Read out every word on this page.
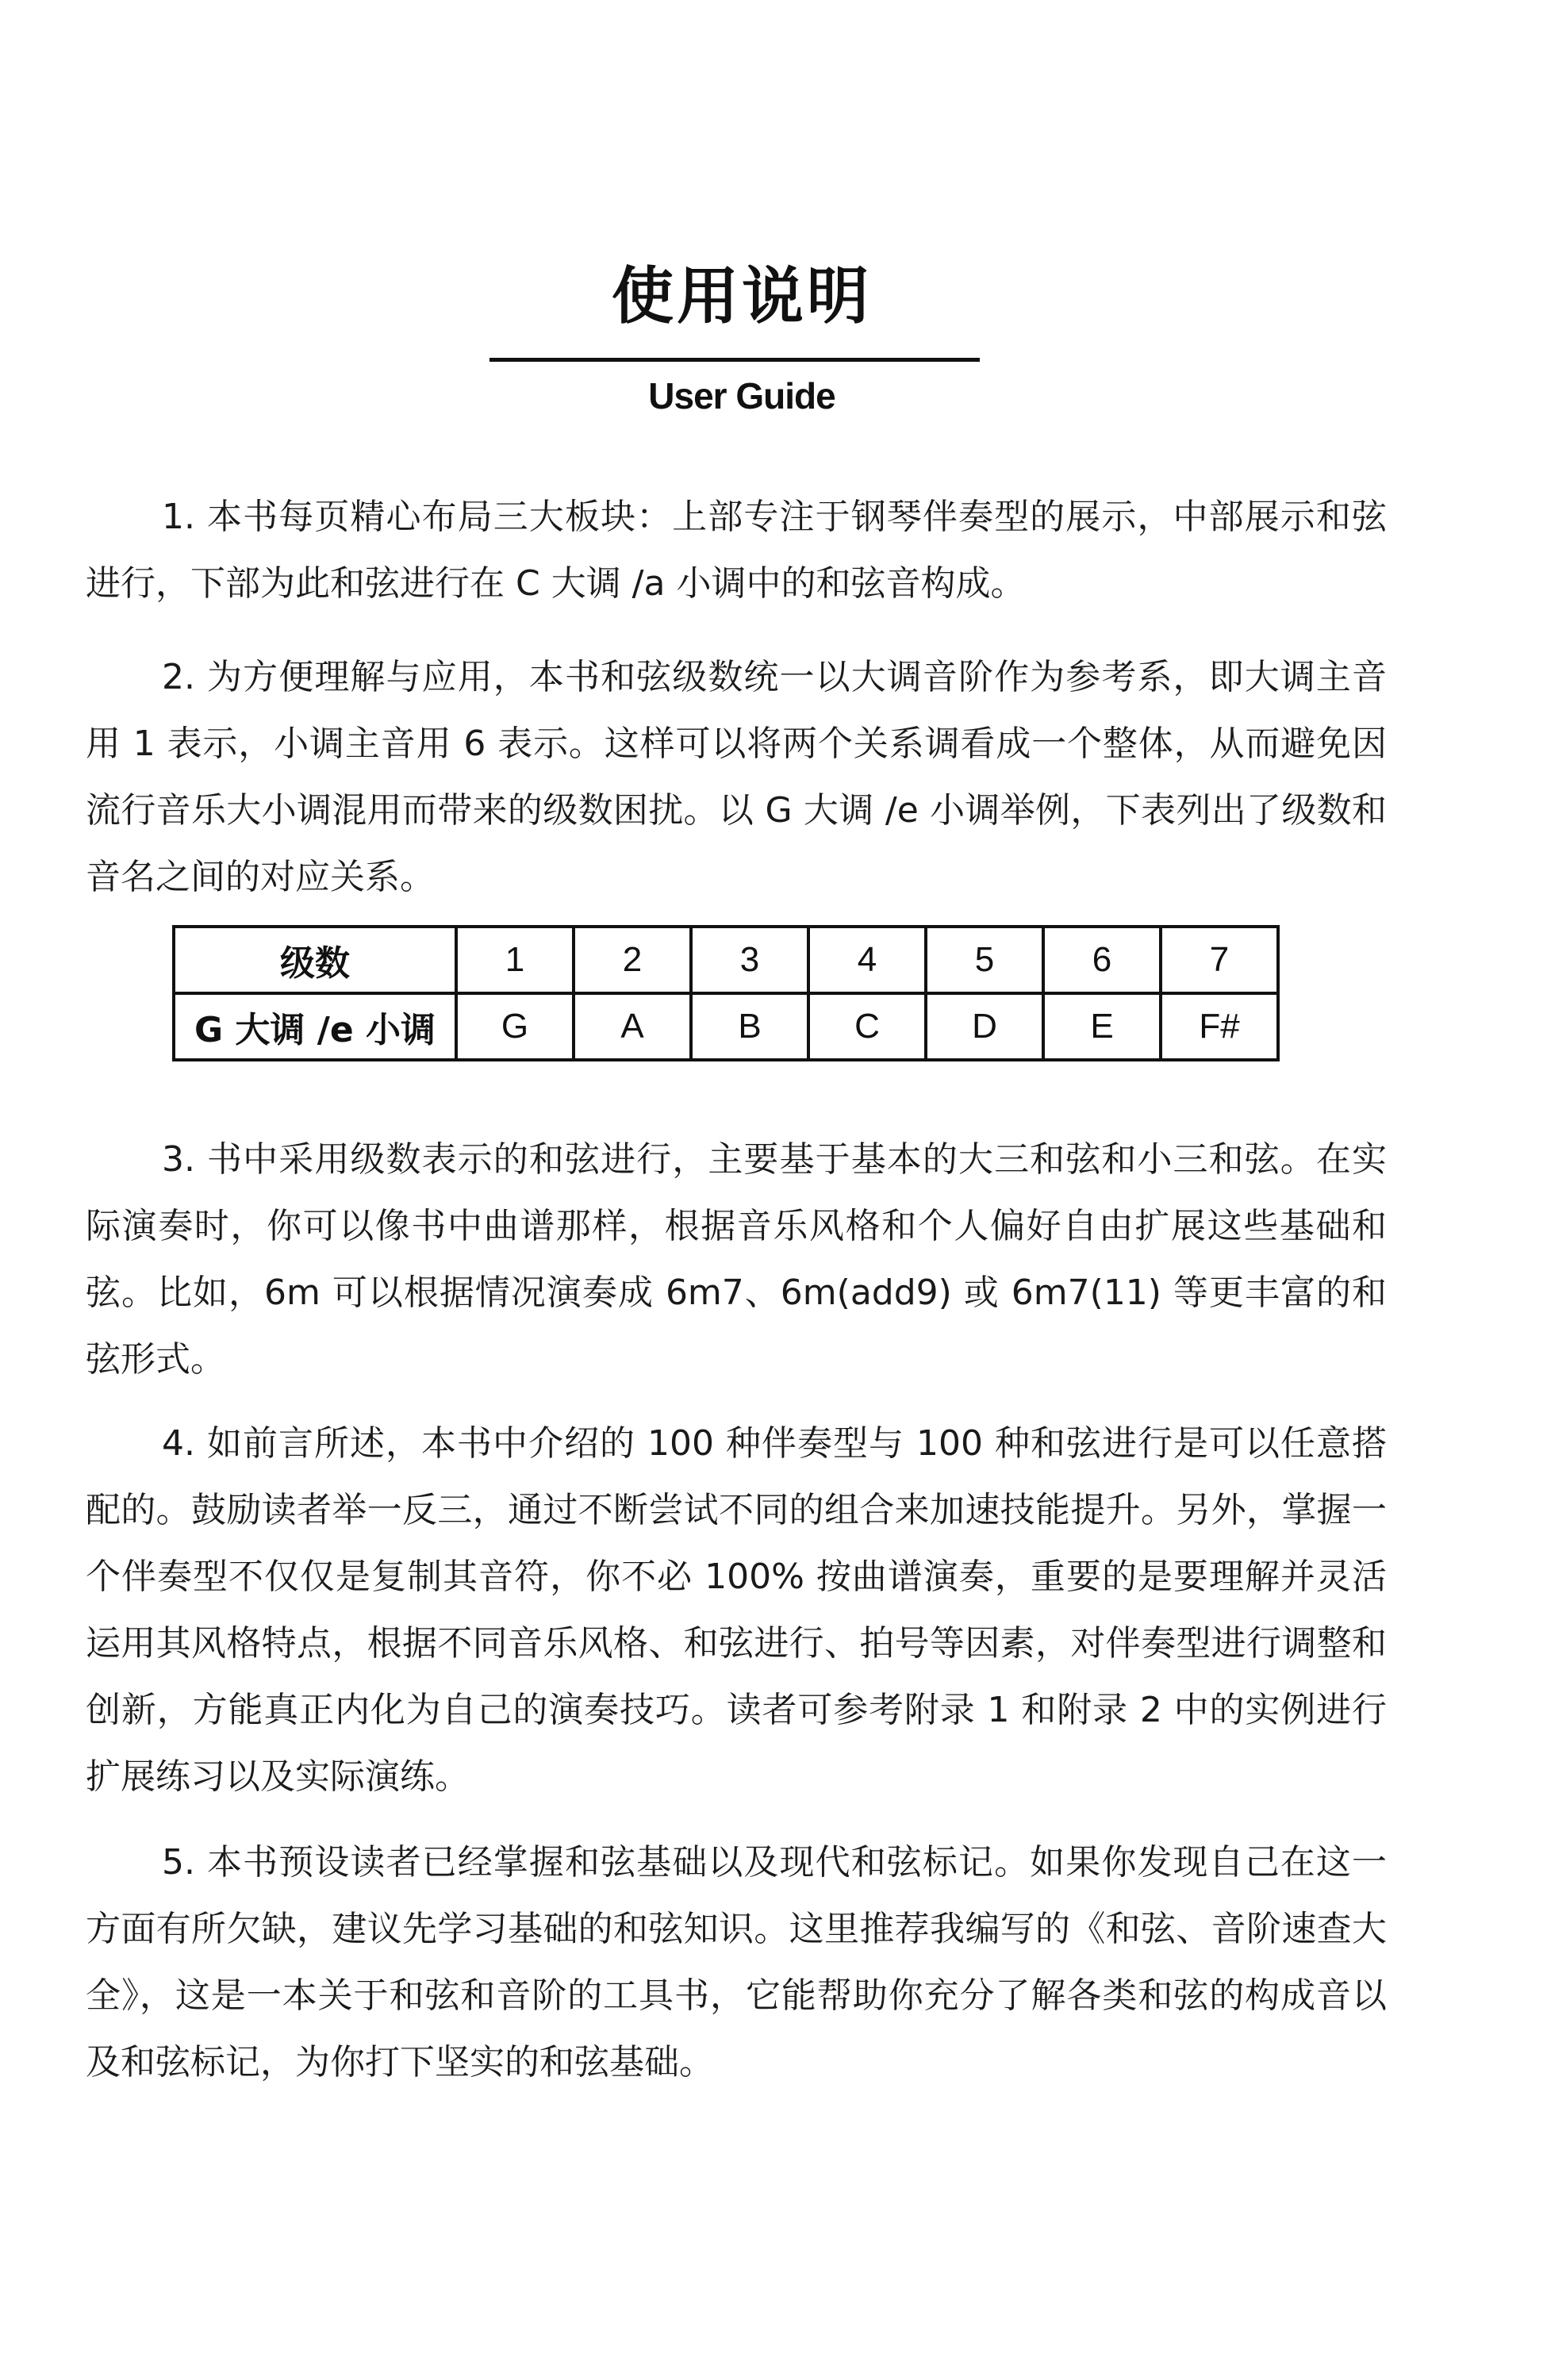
使用说明
User Guide

1. 本书每页精心布局三大板块：上部专注于钢琴伴奏型的展示，中部展示和弦进行，下部为此和弦进行在 C 大调 /a 小调中的和弦音构成。

2. 为方便理解与应用，本书和弦级数统一以大调音阶作为参考系，即大调主音用 1 表示，小调主音用 6 表示。这样可以将两个关系调看成一个整体，从而避免因流行音乐大小调混用而带来的级数困扰。以 G 大调 /e 小调举例，下表列出了级数和音名之间的对应关系。

级数	1	2	3	4	5	6	7
G 大调 /e 小调	G	A	B	C	D	E	F#

3. 书中采用级数表示的和弦进行，主要基于基本的大三和弦和小三和弦。在实际演奏时，你可以像书中曲谱那样，根据音乐风格和个人偏好自由扩展这些基础和弦。比如，6m 可以根据情况演奏成 6m7、6m(add9) 或 6m7(11) 等更丰富的和弦形式。

4. 如前言所述，本书中介绍的 100 种伴奏型与 100 种和弦进行是可以任意搭配的。鼓励读者举一反三，通过不断尝试不同的组合来加速技能提升。另外，掌握一个伴奏型不仅仅是复制其音符，你不必 100% 按曲谱演奏，重要的是要理解并灵活运用其风格特点，根据不同音乐风格、和弦进行、拍号等因素，对伴奏型进行调整和创新，方能真正内化为自己的演奏技巧。读者可参考附录 1 和附录 2 中的实例进行扩展练习以及实际演练。

5. 本书预设读者已经掌握和弦基础以及现代和弦标记。如果你发现自己在这一方面有所欠缺，建议先学习基础的和弦知识。这里推荐我编写的《和弦、音阶速查大全》，这是一本关于和弦和音阶的工具书，它能帮助你充分了解各类和弦的构成音以及和弦标记，为你打下坚实的和弦基础。
